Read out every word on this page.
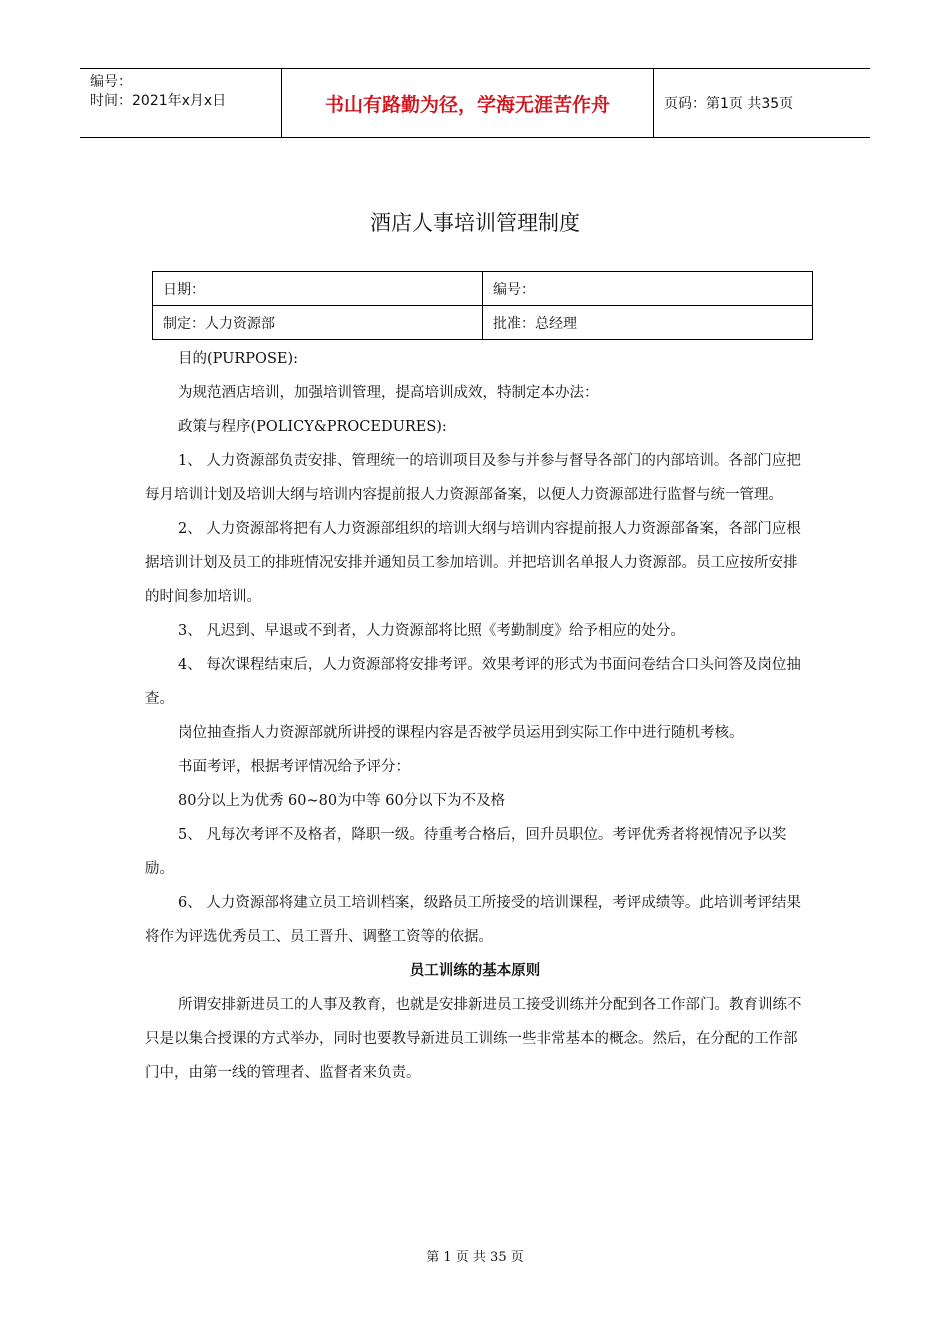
编号：
时间：2021年x月x日	书山有路勤为径，学海无涯苦作舟	页码：第1页 共35页
酒店人事培训管理制度
日期：	编号：
制定：人力资源部	批准：总经理

目的(PURPOSE):

为规范酒店培训，加强培训管理，提高培训成效，特制定本办法：

政策与程序(POLICY&PROCEDURES):

1、 人力资源部负责安排、管理统一的培训项目及参与并参与督导各部门的内部培训。各部门应把每月培训计划及培训大纲与培训内容提前报人力资源部备案，以便人力资源部进行监督与统一管理。

2、 人力资源部将把有人力资源部组织的培训大纲与培训内容提前报人力资源部备案，各部门应根据培训计划及员工的排班情况安排并通知员工参加培训。并把培训名单报人力资源部。员工应按所安排的时间参加培训。

3、 凡迟到、早退或不到者，人力资源部将比照《考勤制度》给予相应的处分。

4、 每次课程结束后，人力资源部将安排考评。效果考评的形式为书面问卷结合口头问答及岗位抽查。

岗位抽查指人力资源部就所讲授的课程内容是否被学员运用到实际工作中进行随机考核。

书面考评，根据考评情况给予评分：

80分以上为优秀 60~80为中等 60分以下为不及格

5、 凡每次考评不及格者，降职一级。待重考合格后，回升员职位。考评优秀者将视情况予以奖励。

6、 人力资源部将建立员工培训档案，级路员工所接受的培训课程，考评成绩等。此培训考评结果将作为评选优秀员工、员工晋升、调整工资等的依据。

员工训练的基本原则

所谓安排新进员工的人事及教育，也就是安排新进员工接受训练并分配到各工作部门。教育训练不只是以集合授课的方式举办，同时也要教导新进员工训练一些非常基本的概念。然后，在分配的工作部门中，由第一线的管理者、监督者来负责。

第 1 页 共 35 页
